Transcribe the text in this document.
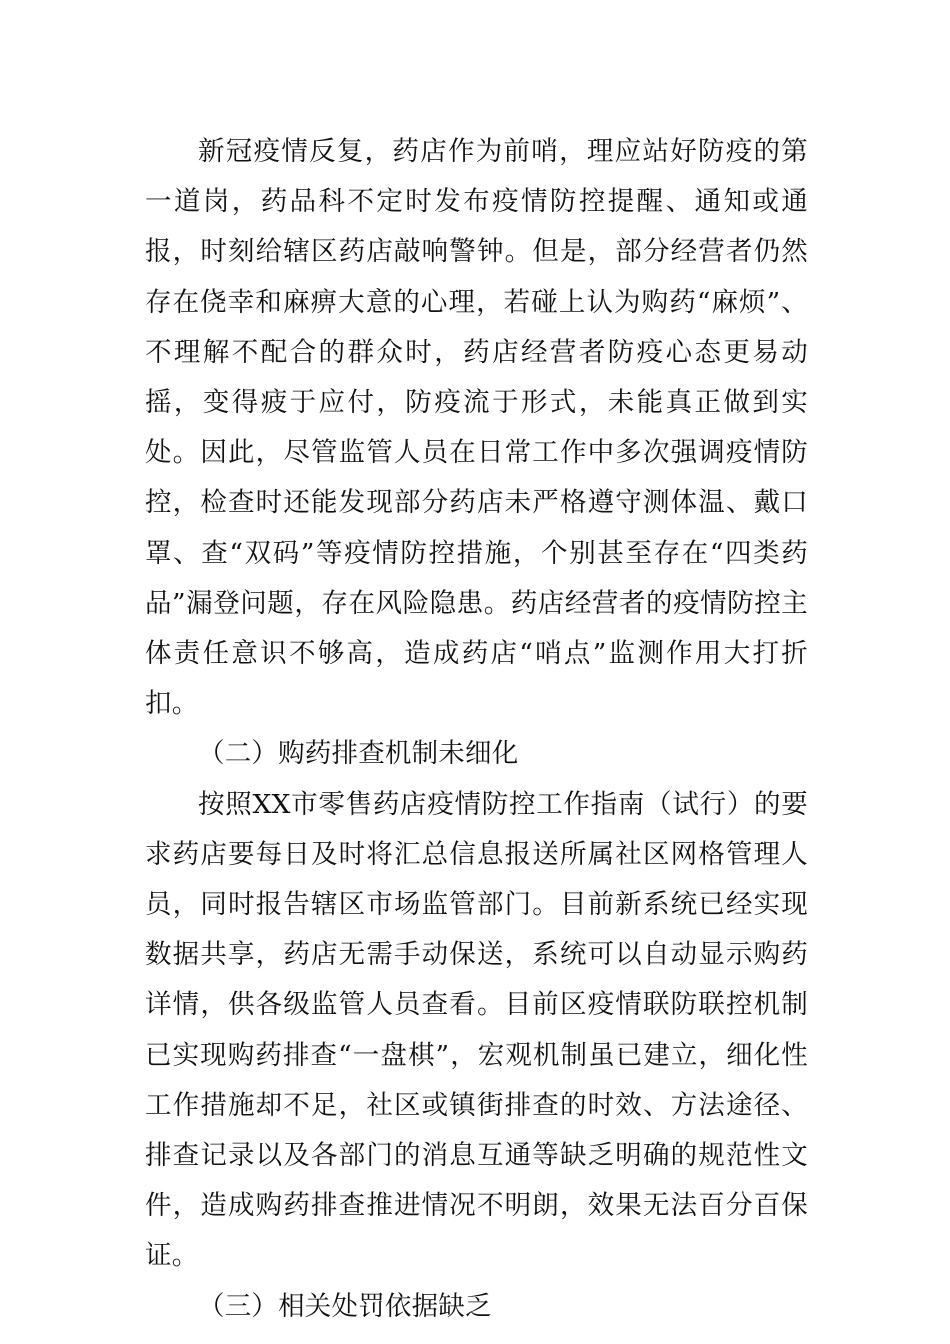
新冠疫情反复，药店作为前哨，理应站好防疫的第一道岗，药品科不定时发布疫情防控提醒、通知或通报，时刻给辖区药店敲响警钟。但是，部分经营者仍然存在侥幸和麻痹大意的心理，若碰上认为购药“麻烦”、不理解不配合的群众时，药店经营者防疫心态更易动摇，变得疲于应付，防疫流于形式，未能真正做到实处。因此，尽管监管人员在日常工作中多次强调疫情防控，检查时还能发现部分药店未严格遵守测体温、戴口罩、查“双码”等疫情防控措施，个别甚至存在“四类药品”漏登问题，存在风险隐患。药店经营者的疫情防控主体责任意识不够高，造成药店“哨点”监测作用大打折扣。

（二）购药排查机制未细化

按照XX市零售药店疫情防控工作指南（试行）的要求药店要每日及时将汇总信息报送所属社区网格管理人员，同时报告辖区市场监管部门。目前新系统已经实现数据共享，药店无需手动保送，系统可以自动显示购药详情，供各级监管人员查看。目前区疫情联防联控机制已实现购药排查“一盘棋”，宏观机制虽已建立，细化性工作措施却不足，社区或镇街排查的时效、方法途径、排查记录以及各部门的消息互通等缺乏明确的规范性文件，造成购药排查推进情况不明朗，效果无法百分百保证。

（三）相关处罚依据缺乏
